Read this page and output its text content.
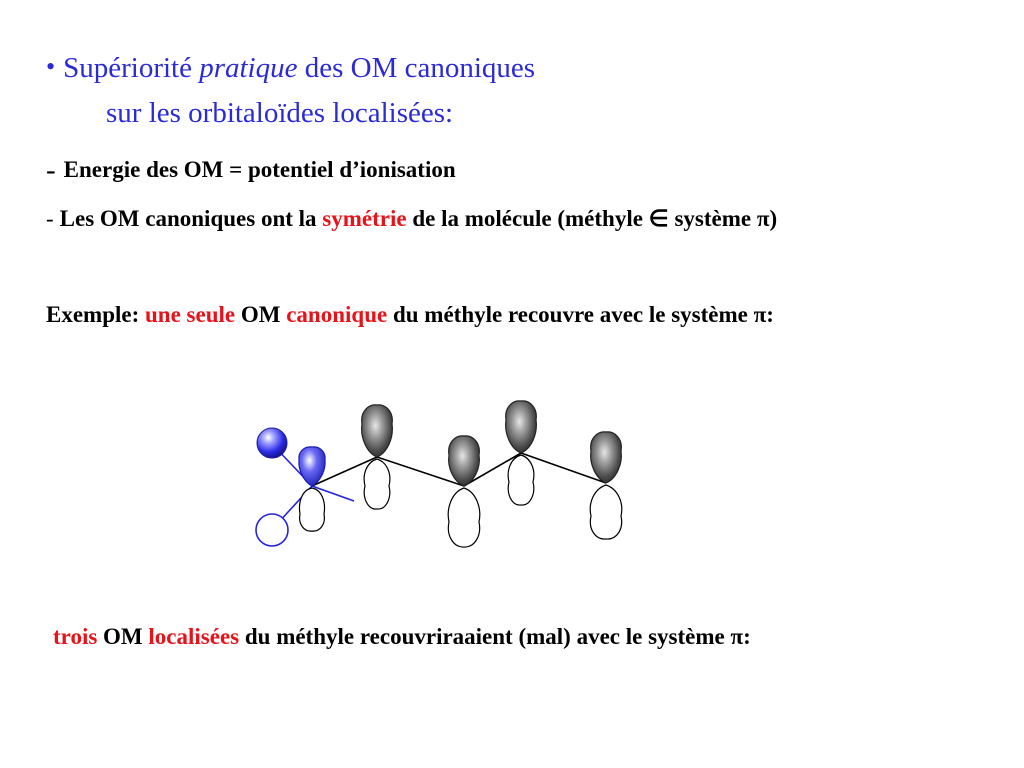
• Supériorité pratique des OM canoniques
sur les orbitaloïdes localisées:
- Energie des OM = potentiel d’ionisation
- Les OM canoniques ont la symétrie de la molécule (méthyle ∈ système π)
Exemple: une seule OM canonique du méthyle recouvre avec le système π:
trois OM localisées du méthyle recouvriraaient (mal) avec le système π:
